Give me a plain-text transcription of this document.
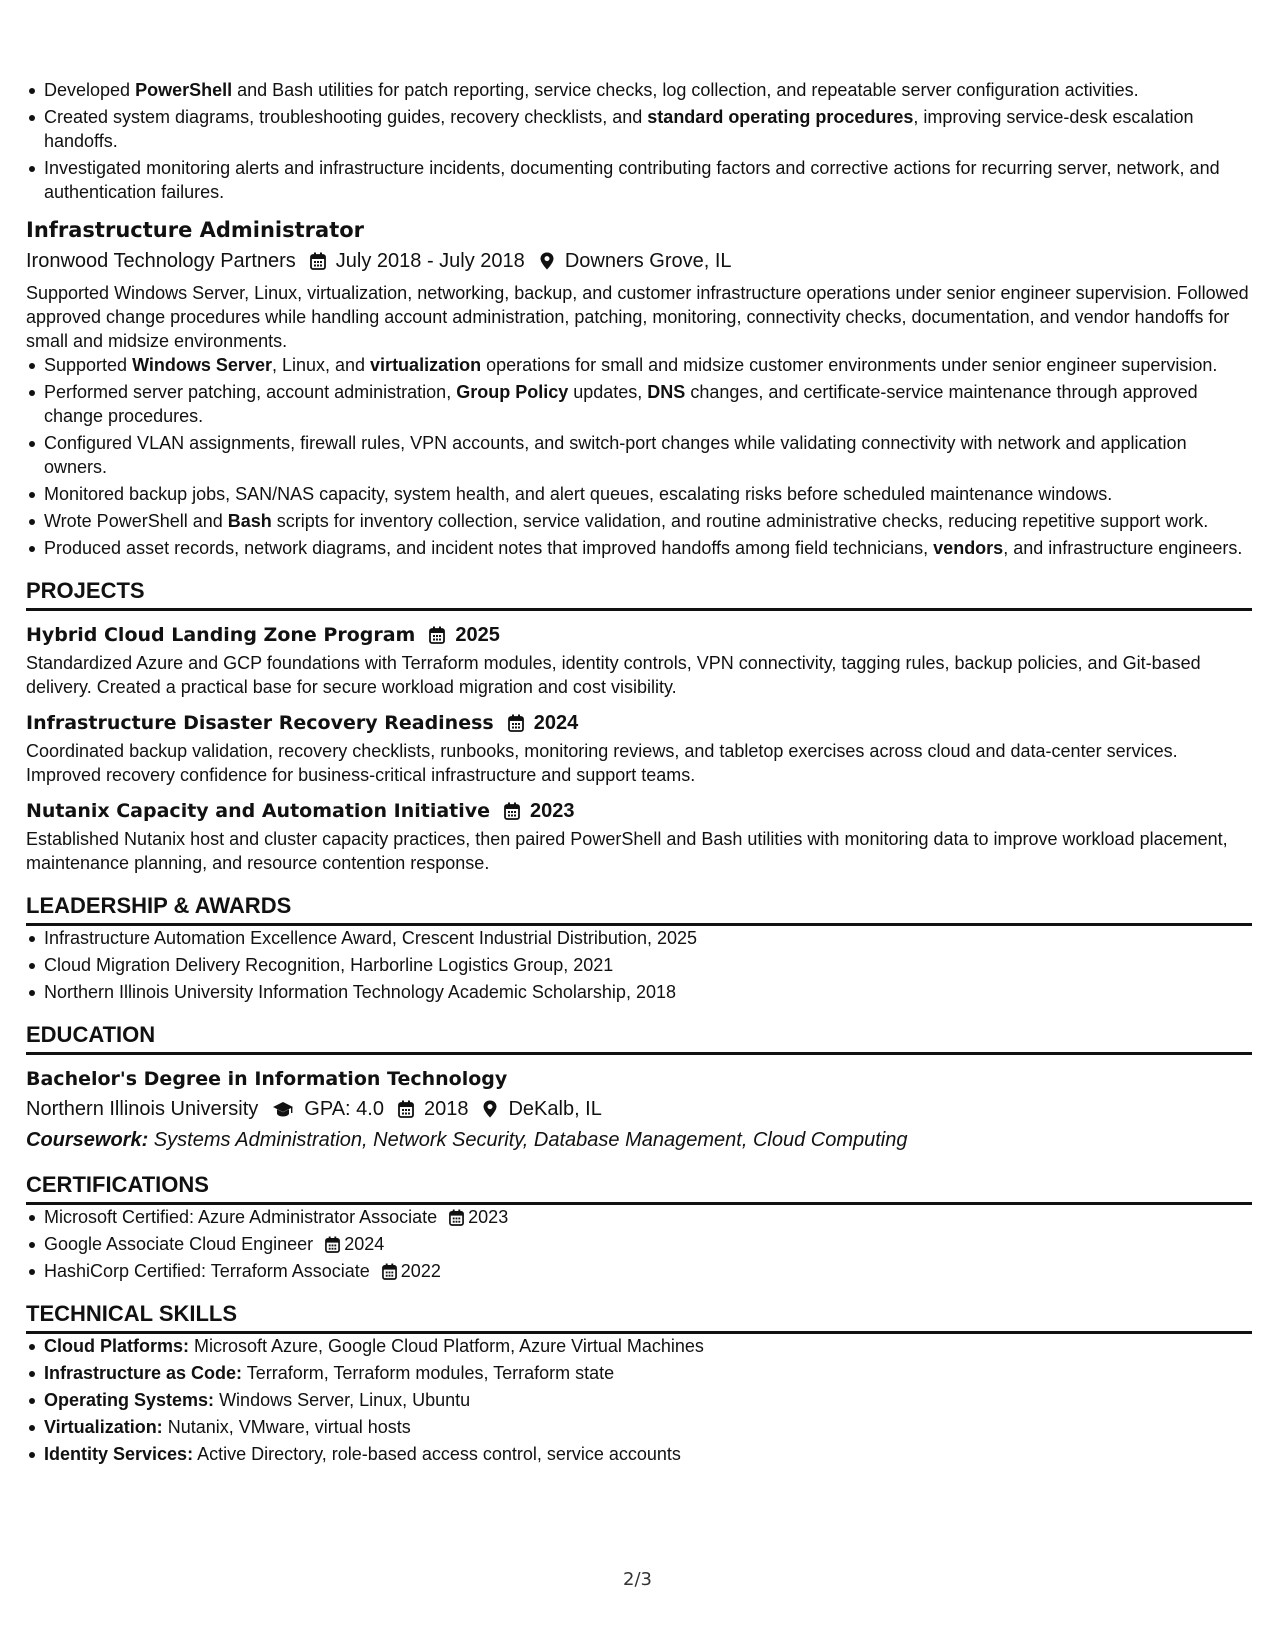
Developed PowerShell and Bash utilities for patch reporting, service checks, log collection, and repeatable server configuration activities.
Created system diagrams, troubleshooting guides, recovery checklists, and standard operating procedures, improving service-desk escalation handoffs.
Investigated monitoring alerts and infrastructure incidents, documenting contributing factors and corrective actions for recurring server, network, and authentication failures.
Infrastructure Administrator
Ironwood Technology Partners July 2018 - July 2018 Downers Grove, IL
Supported Windows Server, Linux, virtualization, networking, backup, and customer infrastructure operations under senior engineer supervision. Followed approved change procedures while handling account administration, patching, monitoring, connectivity checks, documentation, and vendor handoffs for small and midsize environments.
Supported Windows Server, Linux, and virtualization operations for small and midsize customer environments under senior engineer supervision.
Performed server patching, account administration, Group Policy updates, DNS changes, and certificate-service maintenance through approved change procedures.
Configured VLAN assignments, firewall rules, VPN accounts, and switch-port changes while validating connectivity with network and application owners.
Monitored backup jobs, SAN/NAS capacity, system health, and alert queues, escalating risks before scheduled maintenance windows.
Wrote PowerShell and Bash scripts for inventory collection, service validation, and routine administrative checks, reducing repetitive support work.
Produced asset records, network diagrams, and incident notes that improved handoffs among field technicians, vendors, and infrastructure engineers.
PROJECTS
Hybrid Cloud Landing Zone Program 2025
Standardized Azure and GCP foundations with Terraform modules, identity controls, VPN connectivity, tagging rules, backup policies, and Git-based delivery. Created a practical base for secure workload migration and cost visibility.
Infrastructure Disaster Recovery Readiness 2024
Coordinated backup validation, recovery checklists, runbooks, monitoring reviews, and tabletop exercises across cloud and data-center services. Improved recovery confidence for business-critical infrastructure and support teams.
Nutanix Capacity and Automation Initiative 2023
Established Nutanix host and cluster capacity practices, then paired PowerShell and Bash utilities with monitoring data to improve workload placement, maintenance planning, and resource contention response.
LEADERSHIP & AWARDS
Infrastructure Automation Excellence Award, Crescent Industrial Distribution, 2025
Cloud Migration Delivery Recognition, Harborline Logistics Group, 2021
Northern Illinois University Information Technology Academic Scholarship, 2018
EDUCATION
Bachelor's Degree in Information Technology
Northern Illinois University GPA: 4.0 2018 DeKalb, IL
Coursework: Systems Administration, Network Security, Database Management, Cloud Computing
CERTIFICATIONS
Microsoft Certified: Azure Administrator Associate 2023
Google Associate Cloud Engineer 2024
HashiCorp Certified: Terraform Associate 2022
TECHNICAL SKILLS
Cloud Platforms: Microsoft Azure, Google Cloud Platform, Azure Virtual Machines
Infrastructure as Code: Terraform, Terraform modules, Terraform state
Operating Systems: Windows Server, Linux, Ubuntu
Virtualization: Nutanix, VMware, virtual hosts
Identity Services: Active Directory, role-based access control, service accounts
2/3
